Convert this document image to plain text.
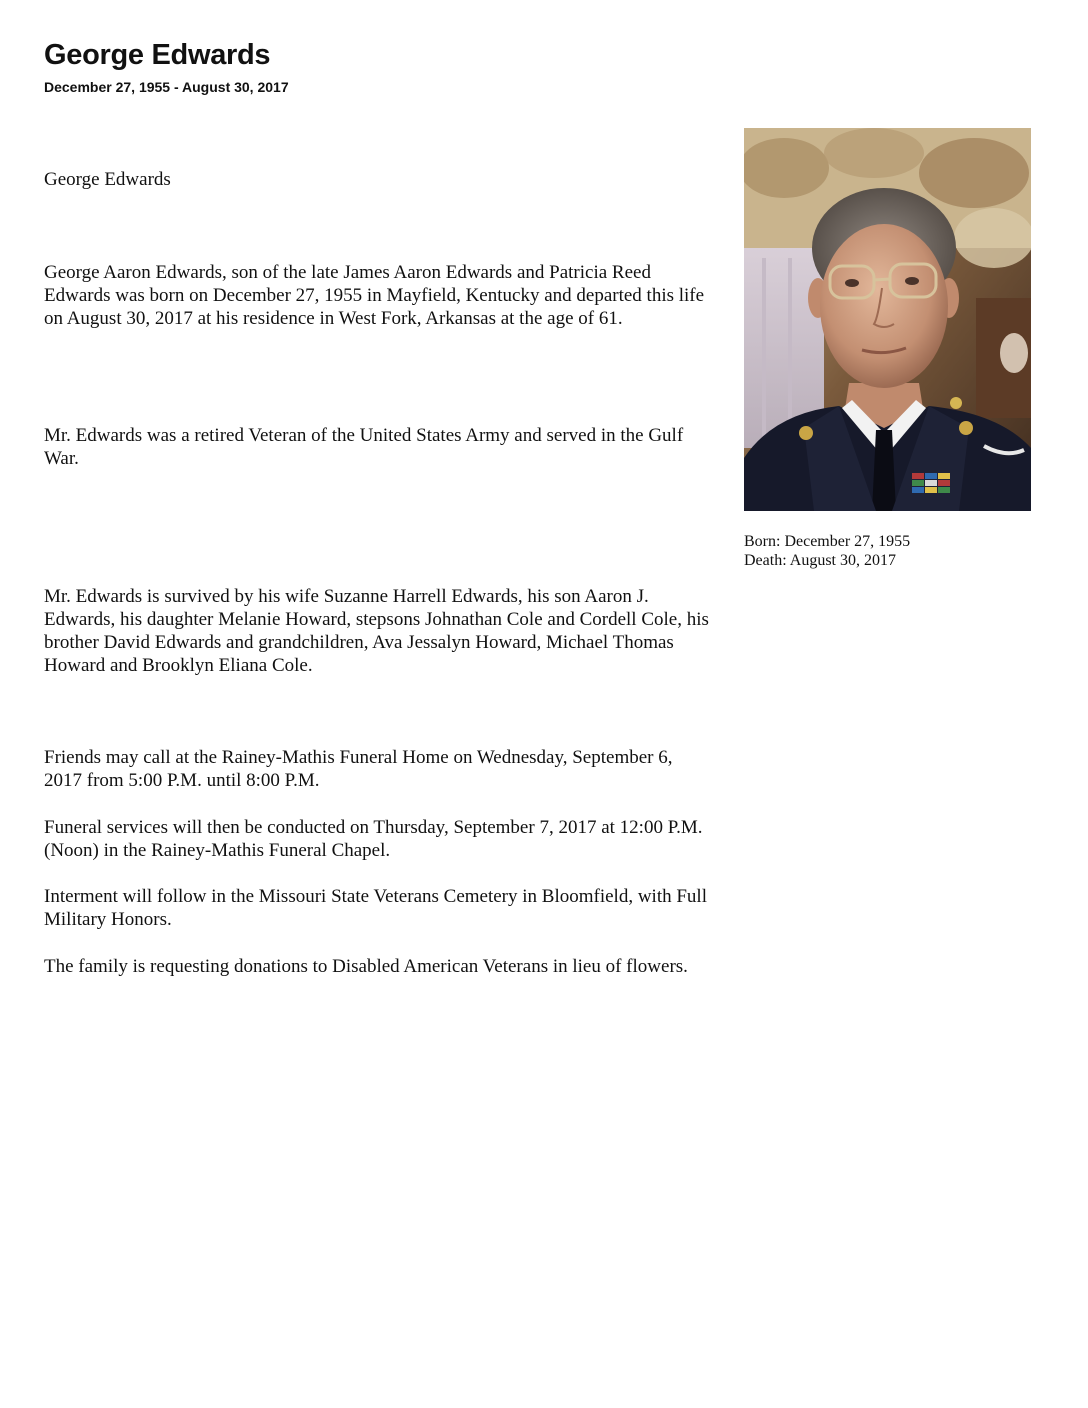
George Edwards
December 27, 1955 - August 30, 2017

George Edwards

George Aaron Edwards, son of the late James Aaron Edwards and Patricia Reed Edwards was born on December 27, 1955 in Mayfield, Kentucky and departed this life on August 30, 2017 at his residence in West Fork, Arkansas at the age of 61.

Mr. Edwards was a retired Veteran of the United States Army and served in the Gulf War.

Mr. Edwards is survived by his wife Suzanne Harrell Edwards, his son Aaron J. Edwards, his daughter Melanie Howard, stepsons Johnathan Cole and Cordell Cole, his brother David Edwards and grandchildren, Ava Jessalyn Howard, Michael Thomas Howard and Brooklyn Eliana Cole.

Friends may call at the Rainey-Mathis Funeral Home on Wednesday, September 6, 2017 from 5:00 P.M. until 8:00 P.M.

Funeral services will then be conducted on Thursday, September 7, 2017 at 12:00 P.M. (Noon) in the Rainey-Mathis Funeral Chapel.

Interment will follow in the Missouri State Veterans Cemetery in Bloomfield, with Full Military Honors.

The family is requesting donations to Disabled American Veterans in lieu of flowers.

Born: December 27, 1955
Death: August 30, 2017
